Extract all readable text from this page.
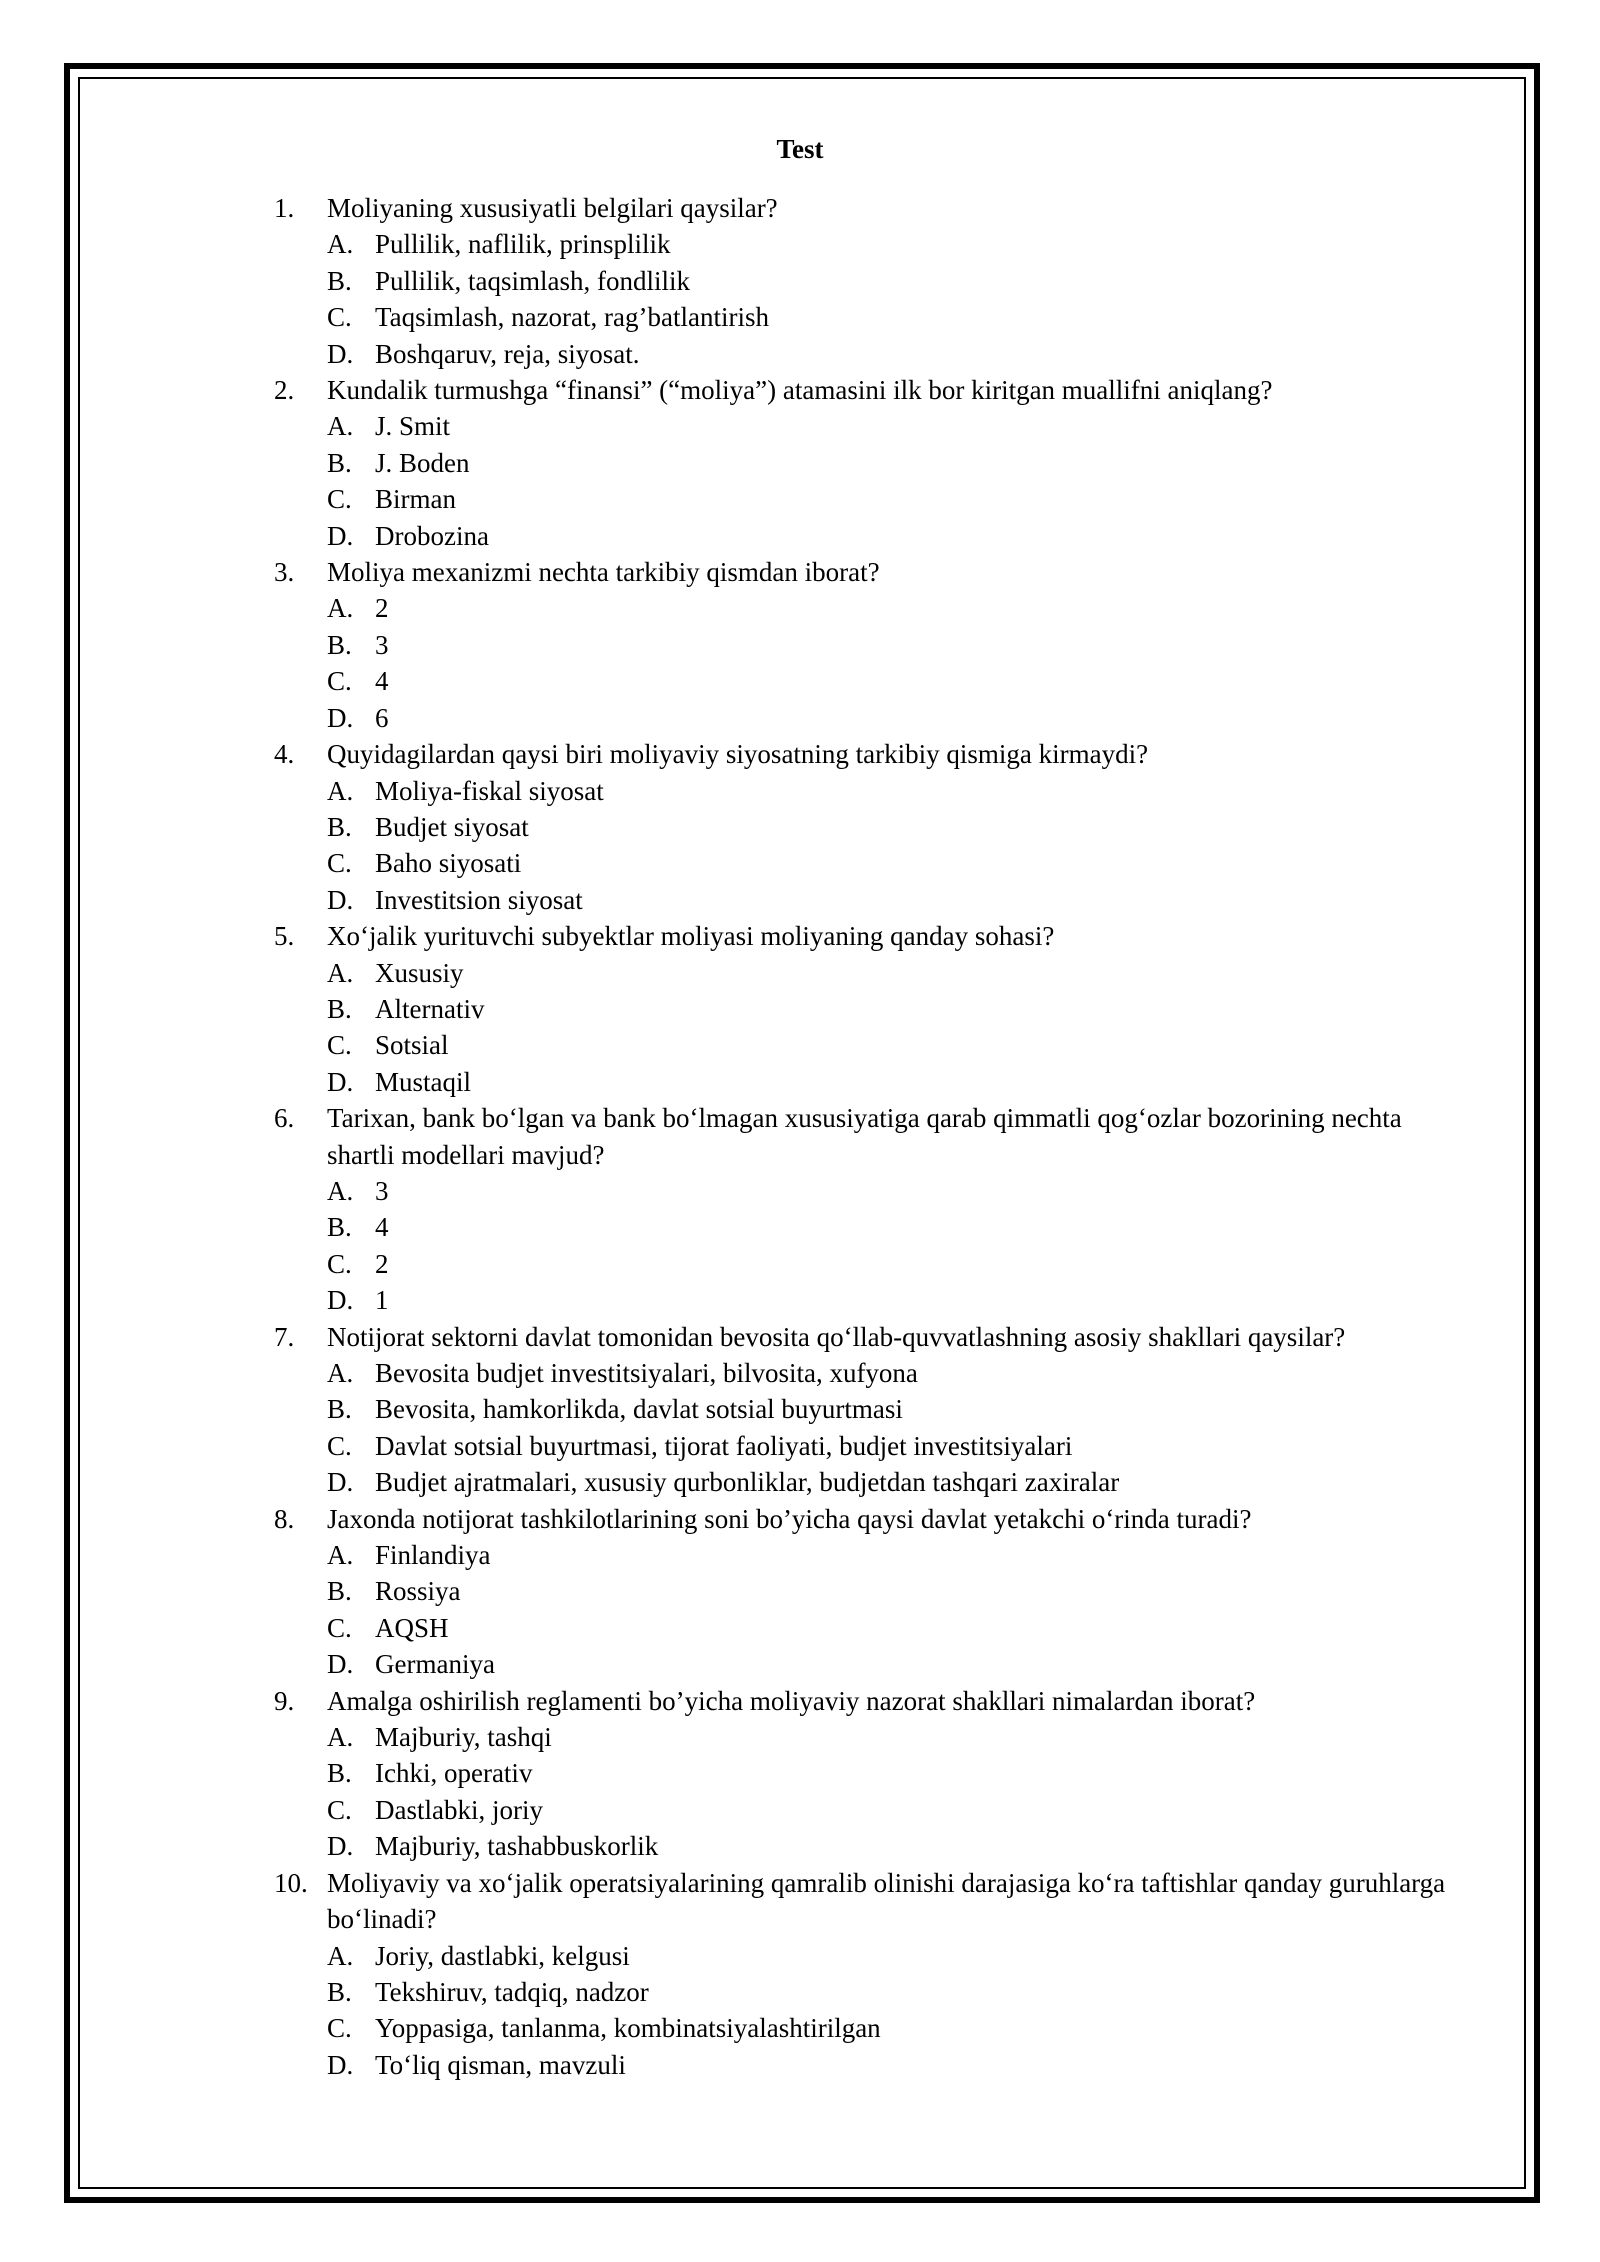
Test
1.	Moliyaning xususiyatli belgilari qaysilar?
A. Pullilik, naflilik, prinsplilik
B. Pullilik, taqsimlash, fondlilik
C. Taqsimlash, nazorat, rag’batlantirish
D. Boshqaruv, reja, siyosat.
2.	Kundalik turmushga “finansi” (“moliya”) atamasini ilk bor kiritgan muallifni aniqlang?
A. J. Smit
B. J. Boden
C. Birman
D. Drobozina
3.	Moliya mexanizmi nechta tarkibiy qismdan iborat?
A. 2
B. 3
C. 4
D. 6
4.	Quyidagilardan qaysi biri moliyaviy siyosatning tarkibiy qismiga kirmaydi?
A. Moliya-fiskal siyosat
B. Budjet siyosat
C. Baho siyosati
D. Investitsion siyosat
5.	Xo‘jalik yurituvchi subyektlar moliyasi moliyaning qanday sohasi?
A. Xususiy
B. Alternativ
C. Sotsial
D. Mustaqil
6.	Tarixan, bank bo‘lgan va bank bo‘lmagan xususiyatiga qarab qimmatli qog‘ozlar bozorining nechta shartli modellari mavjud?
A. 3
B. 4
C. 2
D. 1
7.	Notijorat sektorni davlat tomonidan bevosita qo‘llab-quvvatlashning asosiy shakllari qaysilar?
A. Bevosita budjet investitsiyalari, bilvosita, xufyona
B. Bevosita, hamkorlikda, davlat sotsial buyurtmasi
C. Davlat sotsial buyurtmasi, tijorat faoliyati, budjet investitsiyalari
D. Budjet ajratmalari, xususiy qurbonliklar, budjetdan tashqari zaxiralar
8.	Jaxonda notijorat tashkilotlarining soni bo’yicha qaysi davlat yetakchi o‘rinda turadi?
A. Finlandiya
B. Rossiya
C. AQSH
D. Germaniya
9.	Amalga oshirilish reglamenti bo’yicha moliyaviy nazorat shakllari nimalardan iborat?
A. Majburiy, tashqi
B. Ichki, operativ
C. Dastlabki, joriy
D. Majburiy, tashabbuskorlik
10. Moliyaviy va xo‘jalik operatsiyalarining qamralib olinishi darajasiga ko‘ra taftishlar qanday guruhlarga bo‘linadi?
A. Joriy, dastlabki, kelgusi
B. Tekshiruv, tadqiq, nadzor
C. Yoppasiga, tanlanma, kombinatsiyalashtirilgan
D. To‘liq qisman, mavzuli
